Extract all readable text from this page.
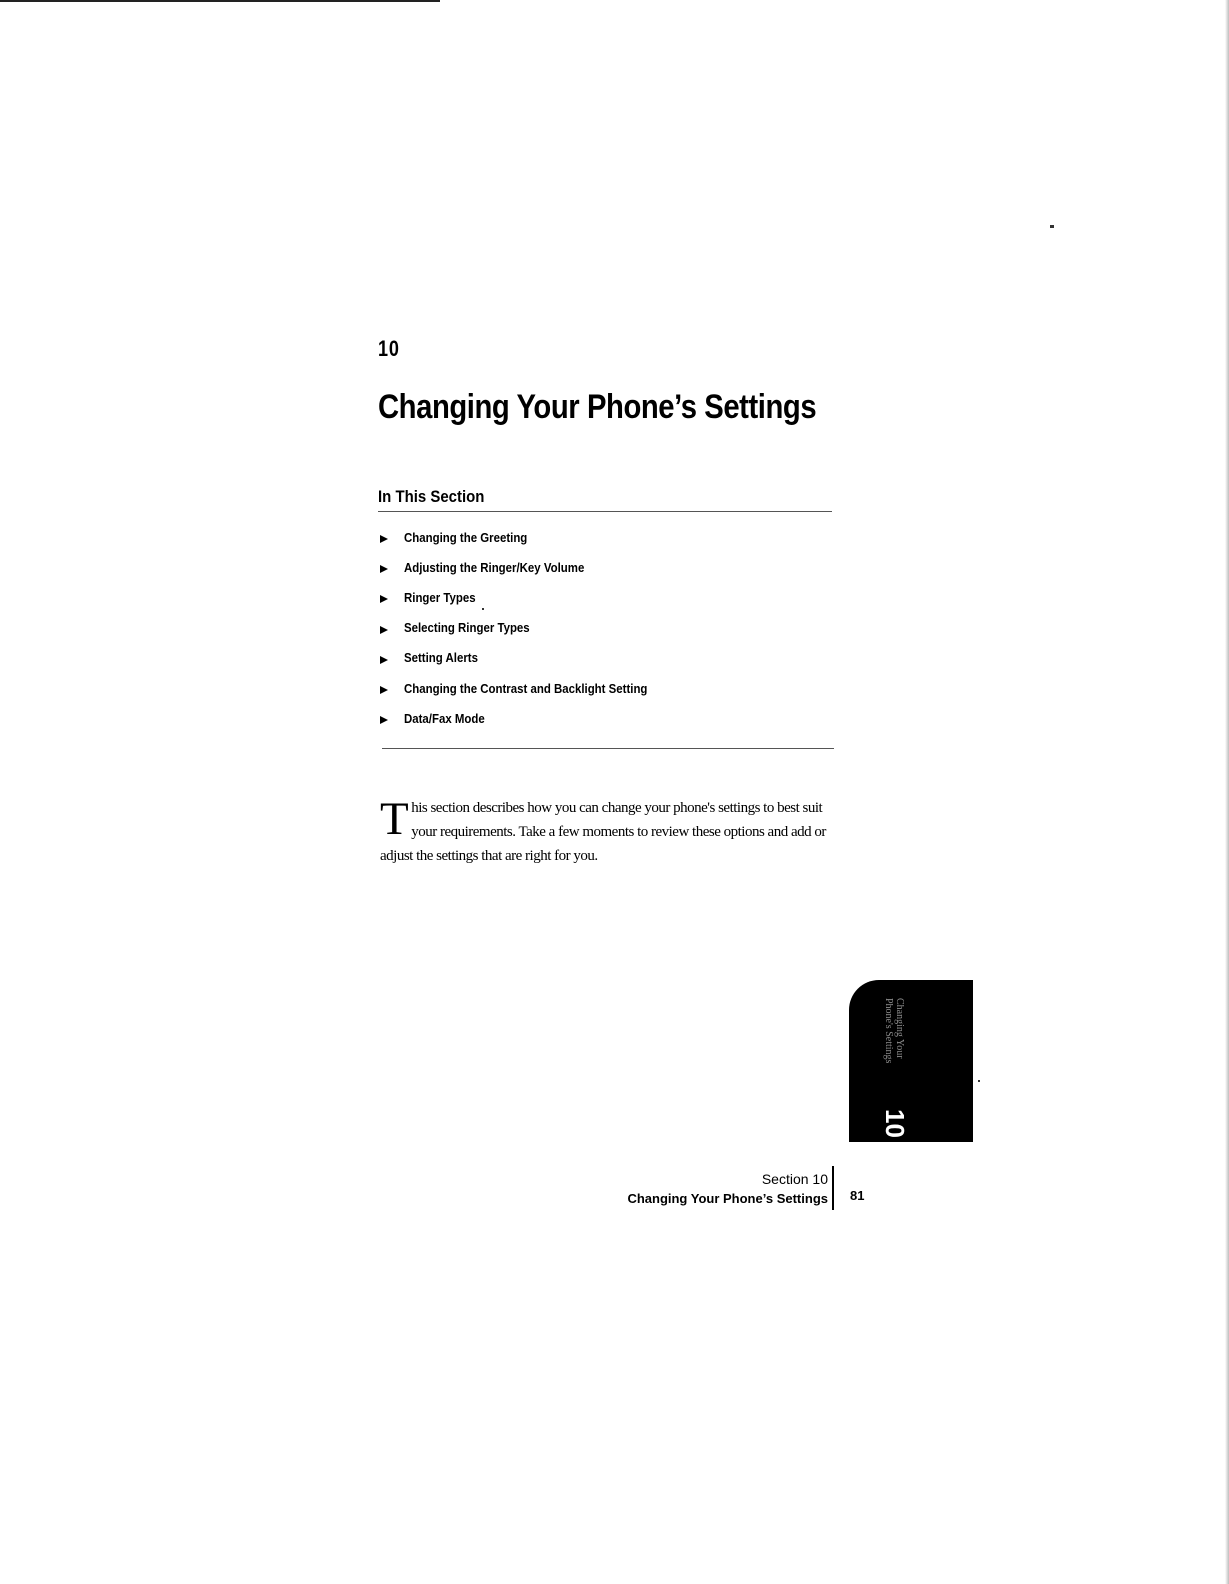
10
Changing Your Phone’s Settings
In This Section
Changing the Greeting
Adjusting the Ringer/Key Volume
Ringer Types
Selecting Ringer Types
Setting Alerts
Changing the Contrast and Backlight Setting
Data/Fax Mode

This section describes how you can change your phone's settings to best suit your requirements. Take a few moments to review these options and add or adjust the settings that are right for you.

Changing Your
Phone's Settings
10
Section 10
Changing Your Phone’s Settings 81
